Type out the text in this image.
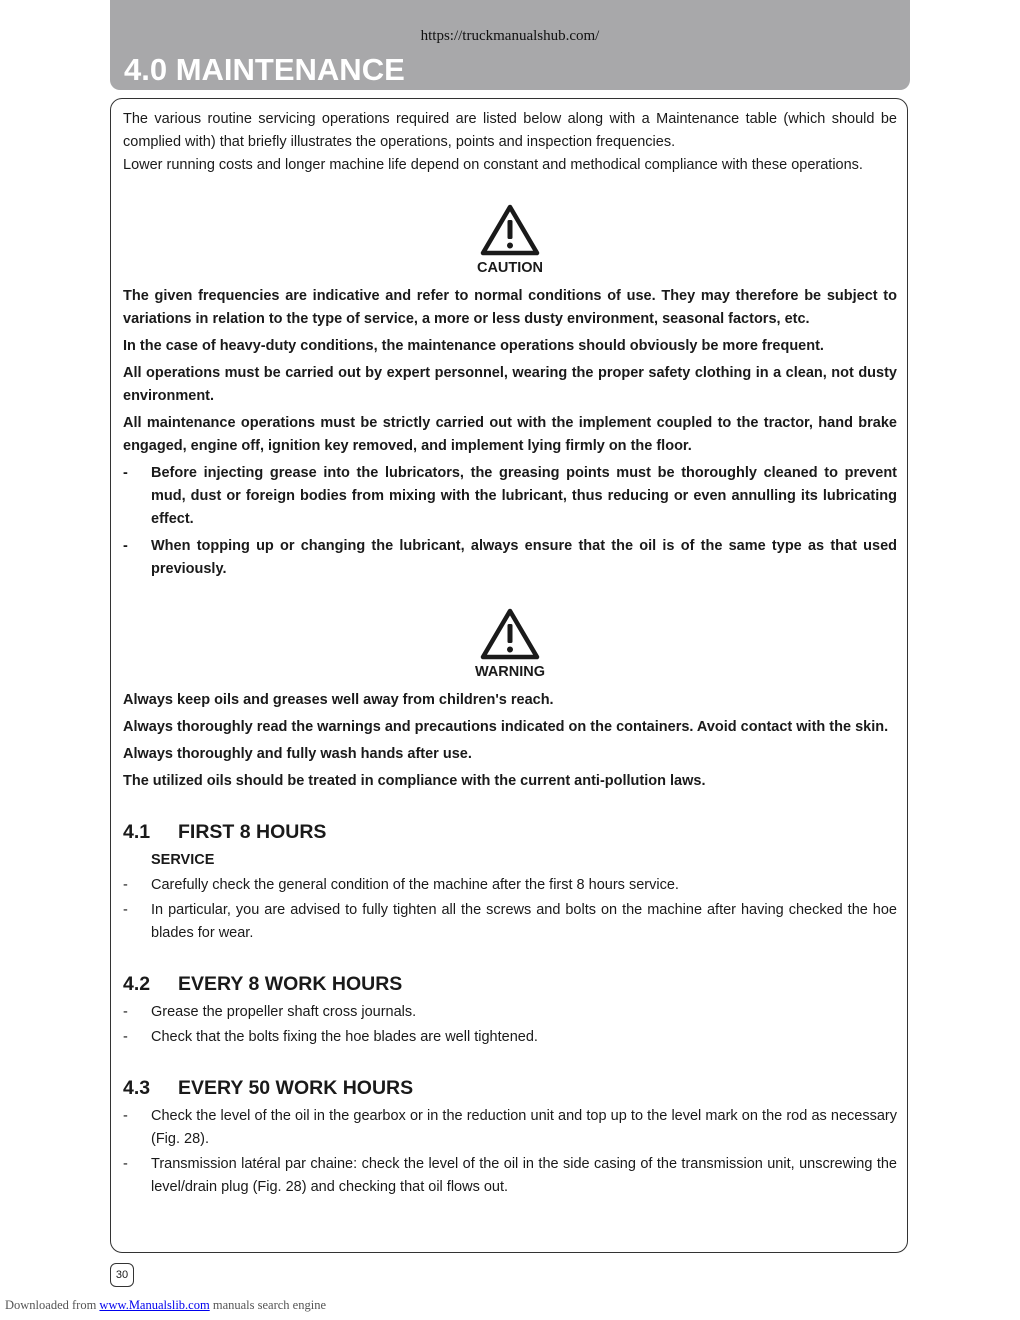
https://truckmanualshub.com/
4.0 MAINTENANCE

The various routine servicing operations required are listed below along with a Maintenance table (which should be complied with) that briefly illustrates the operations, points and inspection frequencies.

Lower running costs and longer machine life depend on constant and methodical compliance with these operations.

CAUTION

The given frequencies are indicative and refer to normal conditions of use. They may therefore be subject to variations in relation to the type of service, a more or less dusty environment, seasonal factors, etc.

In the case of heavy-duty conditions, the maintenance operations should obviously be more frequent.

All operations must be carried out by expert personnel, wearing the proper safety clothing in a clean, not dusty environment.

All maintenance operations must be strictly carried out with the implement coupled to the tractor, hand brake engaged, engine off, ignition key removed, and implement lying firmly on the floor.

-	Before injecting grease into the lubricators, the greasing points must be thoroughly cleaned to prevent mud, dust or foreign bodies from mixing with the lubricant, thus reducing or even annulling its lubricating effect.
-	When topping up or changing the lubricant, always ensure that the oil is of the same type as that used previously.
WARNING

Always keep oils and greases well away from children's reach.

Always thoroughly read the warnings and precautions indicated on the containers. Avoid contact with the skin.

Always thoroughly and fully wash hands after use.

The utilized oils should be treated in compliance with the current anti-pollution laws.

4.1	FIRST 8 HOURS
SERVICE
-	Carefully check the general condition of the machine after the first 8 hours service.
-	In particular, you are advised to fully tighten all the screws and bolts on the machine after having checked the hoe blades for wear.
4.2	EVERY 8 WORK HOURS
-	Grease the propeller shaft cross journals.
-	Check that the bolts fixing the hoe blades are well tightened.
4.3	EVERY 50 WORK HOURS
-	Check the level of the oil in the gearbox or in the reduction unit and top up to the level mark on the rod as necessary (Fig. 28).
-	Transmission latéral par chaine: check the level of the oil in the side casing of the transmission unit, unscrewing the level/drain plug (Fig. 28) and checking that oil flows out.
30
Downloaded from www.Manualslib.com manuals search engine
